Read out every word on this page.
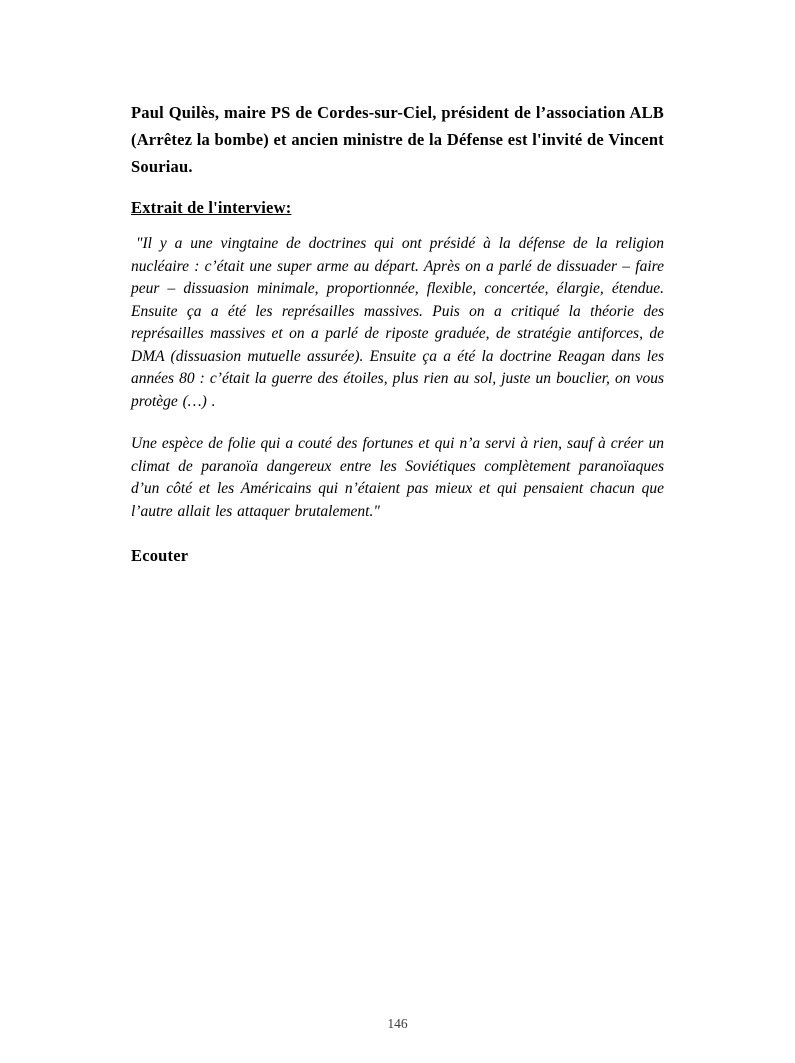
Paul Quilès, maire PS de Cordes-sur-Ciel, président de l’association ALB (Arrêtez la bombe) et ancien ministre de la Défense est l'invité de Vincent Souriau.

Extrait de l'interview:

"Il y a une vingtaine de doctrines qui ont présidé à la défense de la religion nucléaire : c’était une super arme au départ. Après on a parlé de dissuader – faire peur – dissuasion minimale, proportionnée, flexible, concertée, élargie, étendue. Ensuite ça a été les représailles massives. Puis on a critiqué la théorie des représailles massives et on a parlé de riposte graduée, de stratégie antiforces, de DMA (dissuasion mutuelle assurée). Ensuite ça a été la doctrine Reagan dans les années 80 : c’était la guerre des étoiles, plus rien au sol, juste un bouclier, on vous protège (…) .

Une espèce de folie qui a couté des fortunes et qui n’a servi à rien, sauf à créer un climat de paranoïa dangereux entre les Soviétiques complètement paranoïaques d’un côté et les Américains qui n’étaient pas mieux et qui pensaient chacun que l’autre allait les attaquer brutalement."

Ecouter
146
